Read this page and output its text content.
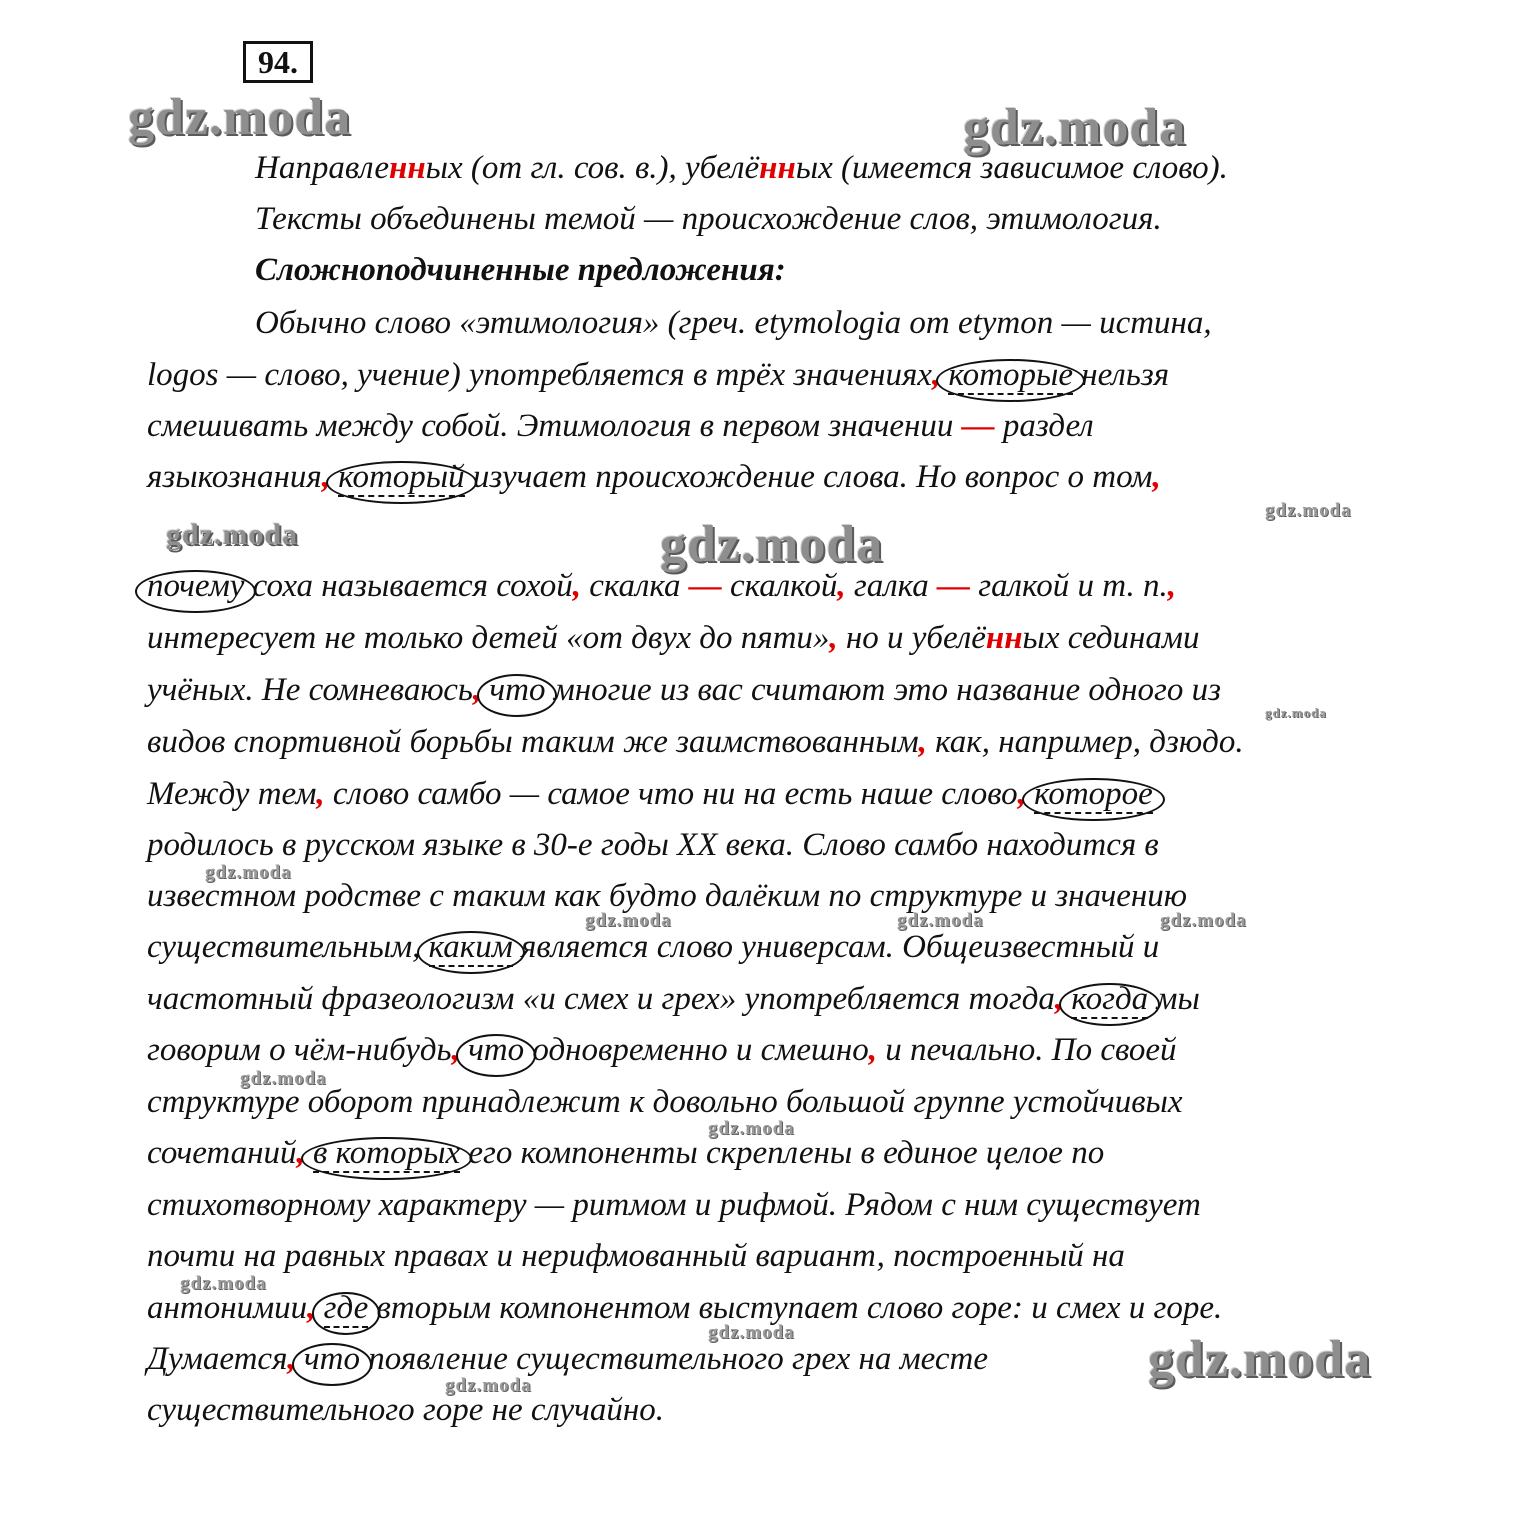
94.
gdz.moda	gdz.moda
gdz.moda	gdz.moda
gdz.moda
gdz.moda
gdz.moda
gdz.moda	gdz.moda	gdz.moda
gdz.moda
gdz.moda
gdz.moda
gdz.moda
gdz.moda	gdz.moda
Направленных (от гл. сов. в.), убелённых (имеется зависимое слово).
Тексты объединены темой — происхождение слов, этимология.
Сложноподчиненные предложения:
Обычно слово «этимология» (греч. etymologia от etymon — истина,
logos — слово, учение) употребляется в трёх значениях, которые нельзя
смешивать между собой. Этимология в первом значении — раздел
языкознания, который изучает происхождение слова. Но вопрос о том,
почему соха называется сохой, скалка — скалкой, галка — галкой и т. п.,
интересует не только детей «от двух до пяти», но и убелённых сединами
учёных. Не сомневаюсь, что многие из вас считают это название одного из
видов спортивной борьбы таким же заимствованным, как, например, дзюдо.
Между тем, слово самбо — самое что ни на есть наше слово, которое
родилось в русском языке в 30-е годы XX века. Слово самбо находится в
известном родстве с таким как будто далёким по структуре и значению
существительным, каким является слово универсам. Общеизвестный и
частотный фразеологизм «и смех и грех» употребляется тогда, когда мы
говорим о чём-нибудь, что одновременно и смешно, и печально. По своей
структуре оборот принадлежит к довольно большой группе устойчивых
сочетаний, в которых его компоненты скреплены в единое целое по
стихотворному характеру — ритмом и рифмой. Рядом с ним существует
почти на равных правах и нерифмованный вариант, построенный на
антонимии, где вторым компонентом выступает слово горе: и смех и горе.
Думается, что появление существительного грех на месте
существительного горе не случайно.
